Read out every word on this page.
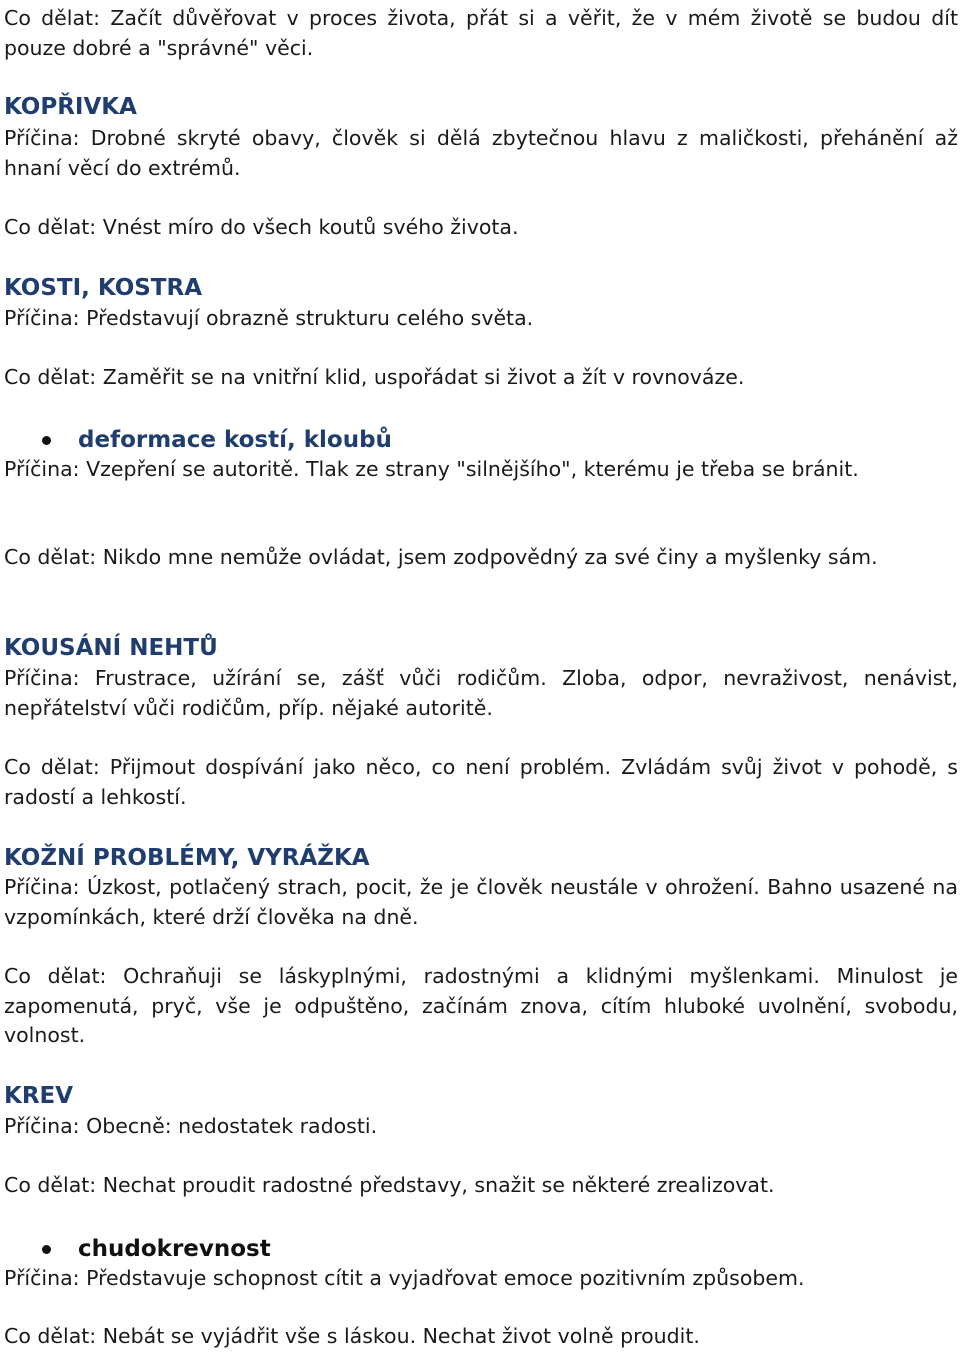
Co dělat: Začít důvěřovat v proces života, přát si a věřit, že v mém životě se budou dít pouze dobré a "správné" věci.

KOPŘIVKA

Příčina: Drobné skryté obavy, člověk si dělá zbytečnou hlavu z maličkosti, přehánění až hnaní věcí do extrémů.

Co dělat: Vnést míro do všech koutů svého života.

KOSTI, KOSTRA

Příčina: Představují obrazně strukturu celého světa.

Co dělat: Zaměřit se na vnitřní klid, uspořádat si život a žít v rovnováze.

deformace kostí, kloubů

Příčina: Vzepření se autoritě. Tlak ze strany "silnějšího", kterému je třeba se bránit.

Co dělat: Nikdo mne nemůže ovládat, jsem zodpovědný za své činy a myšlenky sám.

KOUSÁNÍ NEHTŮ

Příčina: Frustrace, užírání se, zášť vůči rodičům. Zloba, odpor, nevraživost, nenávist, nepřátelství vůči rodičům, příp. nějaké autoritě.

Co dělat: Přijmout dospívání jako něco, co není problém. Zvládám svůj život v pohodě, s radostí a lehkostí.

KOŽNÍ PROBLÉMY, VYRÁŽKA

Příčina: Úzkost, potlačený strach, pocit, že je člověk neustále v ohrožení. Bahno usazené na vzpomínkách, které drží člověka na dně.

Co dělat: Ochraňuji se láskyplnými, radostnými a klidnými myšlenkami. Minulost je zapomenutá, pryč, vše je odpuštěno, začínám znova, cítím hluboké uvolnění, svobodu, volnost.

KREV

Příčina: Obecně: nedostatek radosti.

Co dělat: Nechat proudit radostné představy, snažit se některé zrealizovat.

chudokrevnost

Příčina: Představuje schopnost cítit a vyjadřovat emoce pozitivním způsobem.

Co dělat: Nebát se vyjádřit vše s láskou. Nechat život volně proudit.
